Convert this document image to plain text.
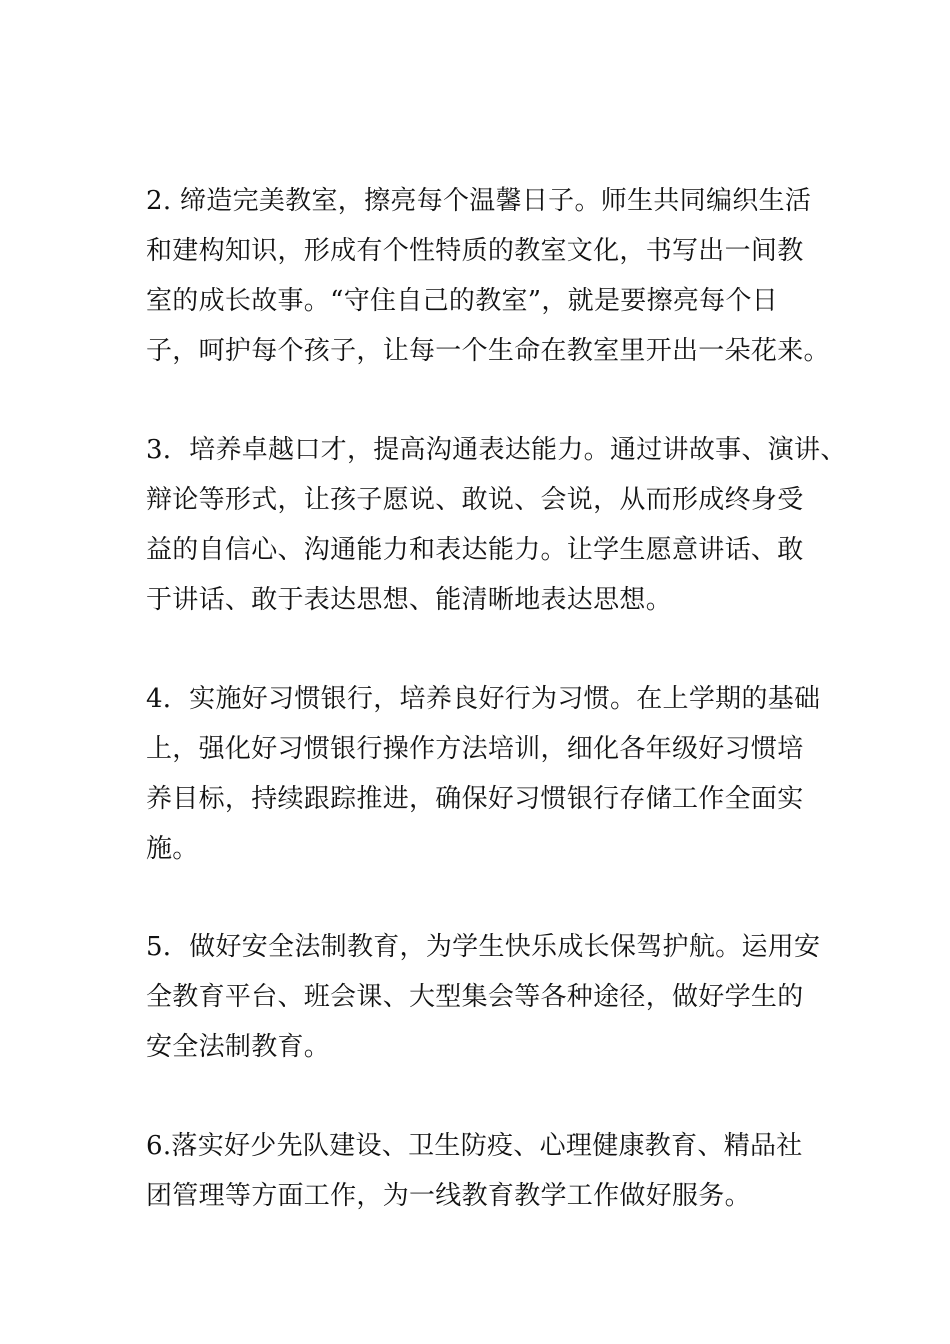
2. 缔造完美教室，擦亮每个温馨日子。师生共同编织生活
和建构知识，形成有个性特质的教室文化，书写出一间教
室的成长故事。“守住自己的教室”，就是要擦亮每个日
子，呵护每个孩子，让每一个生命在教室里开出一朵花来。

3．培养卓越口才，提高沟通表达能力。通过讲故事、演讲、
辩论等形式，让孩子愿说、敢说、会说，从而形成终身受
益的自信心、沟通能力和表达能力。让学生愿意讲话、敢
于讲话、敢于表达思想、能清晰地表达思想。

4．实施好习惯银行，培养良好行为习惯。在上学期的基础
上，强化好习惯银行操作方法培训，细化各年级好习惯培
养目标，持续跟踪推进，确保好习惯银行存储工作全面实
施。

5．做好安全法制教育，为学生快乐成长保驾护航。运用安
全教育平台、班会课、大型集会等各种途径，做好学生的
安全法制教育。

6.落实好少先队建设、卫生防疫、心理健康教育、精品社
团管理等方面工作，为一线教育教学工作做好服务。
